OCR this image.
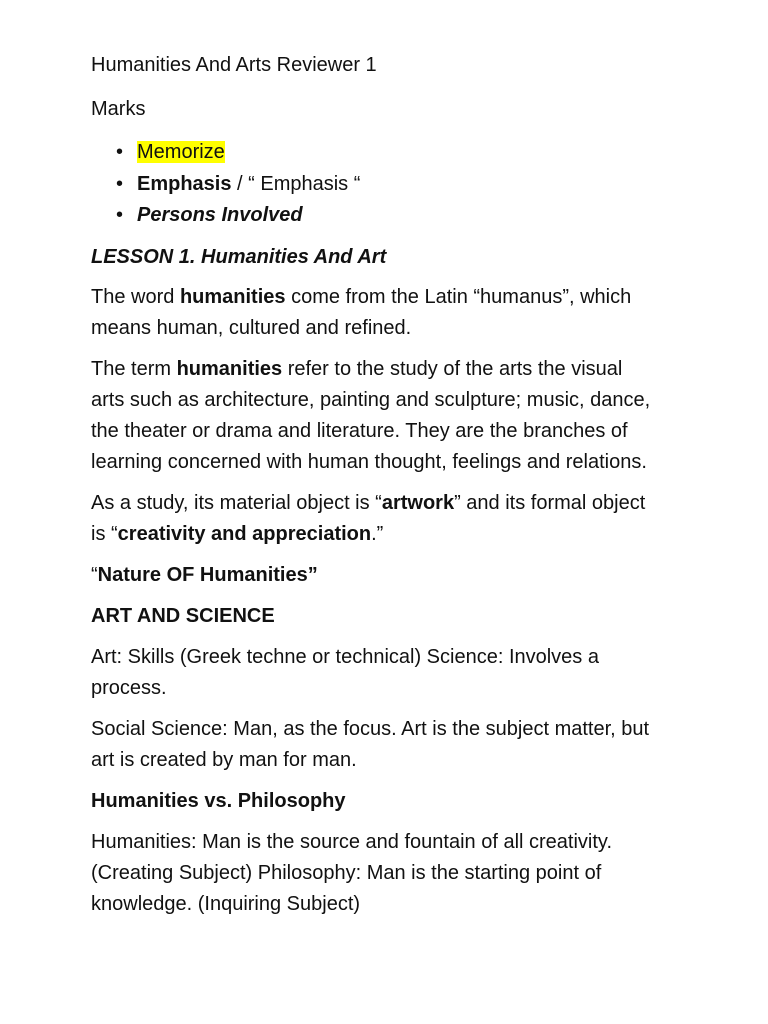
Humanities And Arts Reviewer 1

Marks

• Memorize
• Emphasis / “ Emphasis “
• Persons Involved

LESSON 1. Humanities And Art

The word humanities come from the Latin “humanus”, which

means human, cultured and refined.

The term humanities refer to the study of the arts the visual

arts such as architecture, painting and sculpture; music, dance,

the theater or drama and literature. They are the branches of

learning concerned with human thought, feelings and relations.

As a study, its material object is “artwork” and its formal object

is “creativity and appreciation.”

“Nature OF Humanities”

ART AND SCIENCE

Art: Skills (Greek techne or technical) Science: Involves a

process.

Social Science: Man, as the focus. Art is the subject matter, but

art is created by man for man.

Humanities vs. Philosophy

Humanities: Man is the source and fountain of all creativity.

(Creating Subject) Philosophy: Man is the starting point of

knowledge. (Inquiring Subject)
